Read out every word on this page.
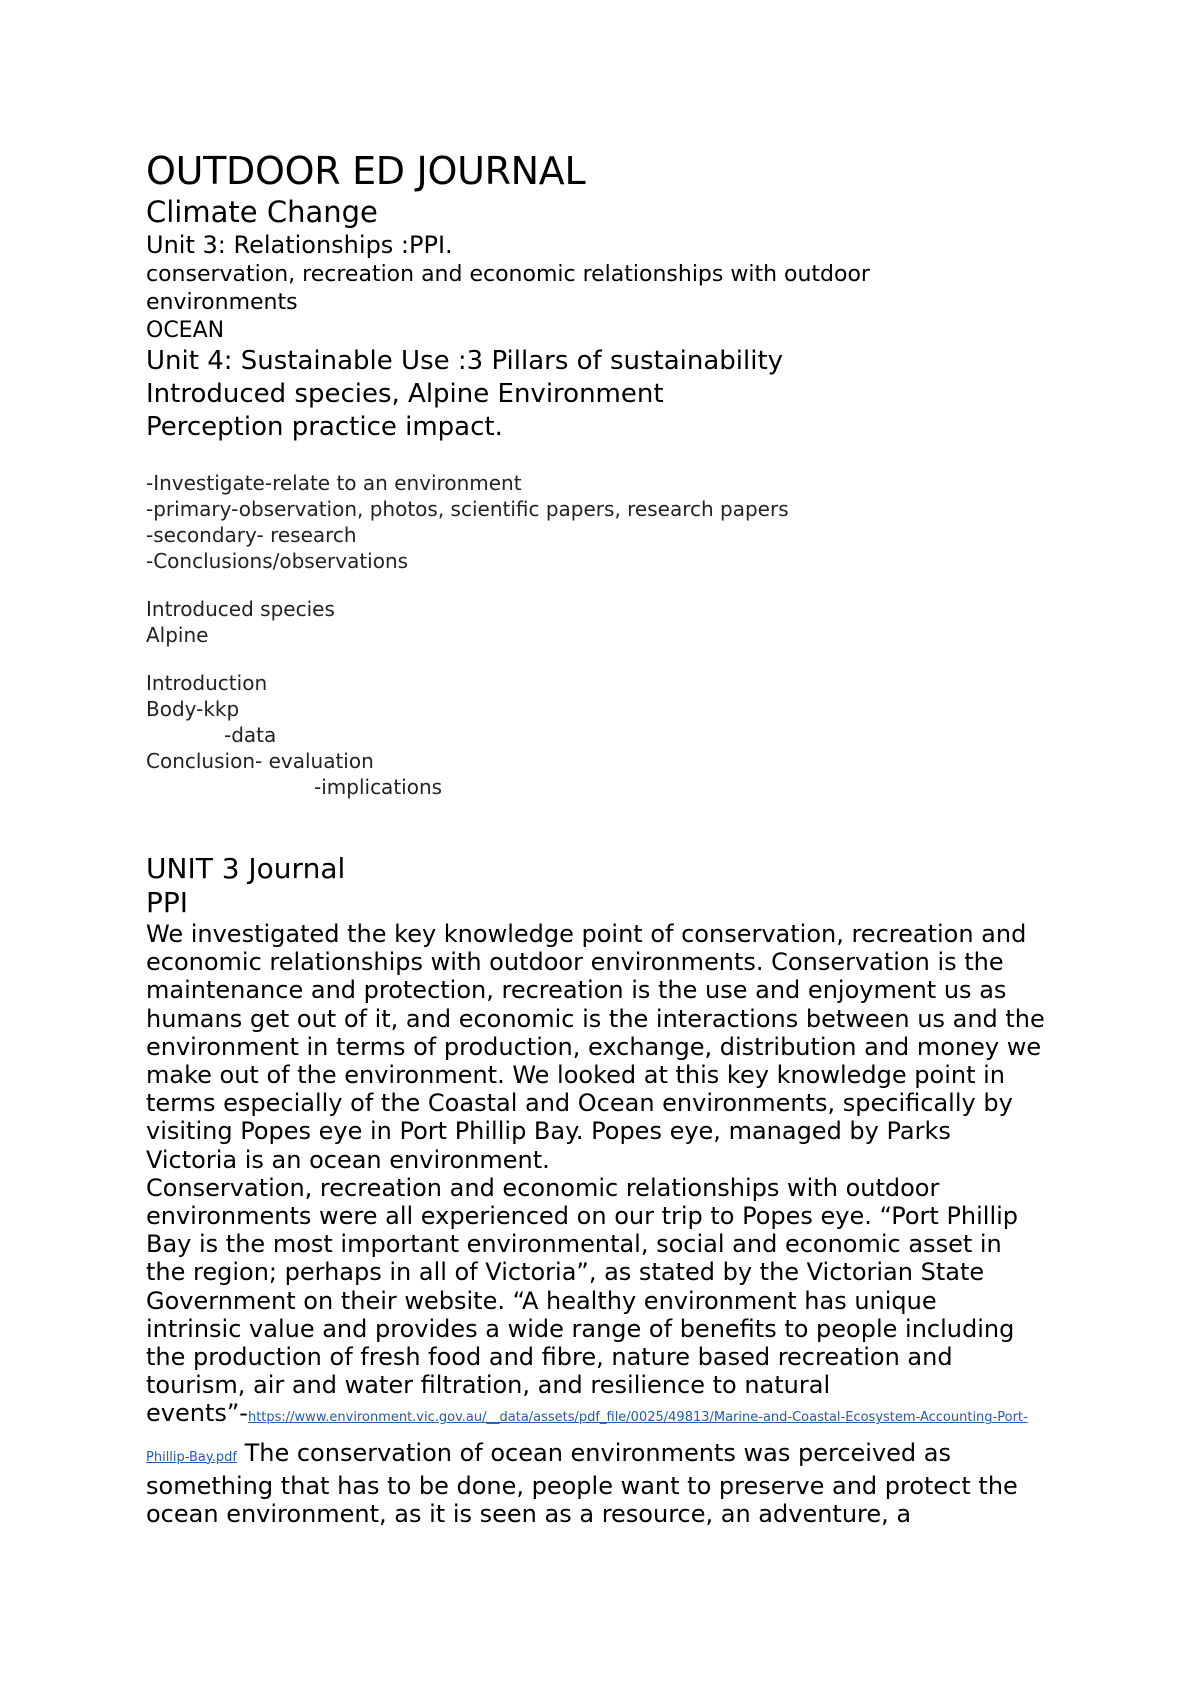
OUTDOOR ED JOURNAL
Climate Change
Unit 3: Relationships :PPI.

conservation, recreation and economic relationships with outdoor

environments

OCEAN

Unit 4: Sustainable Use :3 Pillars of sustainability

Introduced species, Alpine Environment

Perception practice impact.

-Investigate-relate to an environment

-primary-observation, photos, scientific papers, research papers

-secondary- research

-Conclusions/observations

Introduced species

Alpine

Introduction

Body-kkp

-data

Conclusion- evaluation

-implications

UNIT 3 Journal
PPI

We investigated the key knowledge point of conservation, recreation and

economic relationships with outdoor environments. Conservation is the

maintenance and protection, recreation is the use and enjoyment us as

humans get out of it, and economic is the interactions between us and the

environment in terms of production, exchange, distribution and money we

make out of the environment. We looked at this key knowledge point in

terms especially of the Coastal and Ocean environments, specifically by

visiting Popes eye in Port Phillip Bay. Popes eye, managed by Parks

Victoria is an ocean environment.

Conservation, recreation and economic relationships with outdoor

environments were all experienced on our trip to Popes eye. “Port Phillip

Bay is the most important environmental, social and economic asset in

the region; perhaps in all of Victoria”, as stated by the Victorian State

Government on their website. “A healthy environment has unique

intrinsic value and provides a wide range of benefits to people including

the production of fresh food and fibre, nature based recreation and

tourism, air and water filtration, and resilience to natural

events”-https://www.environment.vic.gov.au/__data/assets/pdf_file/0025/49813/Marine-and-Coastal-Ecosystem-Accounting-Port-

Phillip-Bay.pdf The conservation of ocean environments was perceived as

something that has to be done, people want to preserve and protect the

ocean environment, as it is seen as a resource, an adventure, a
